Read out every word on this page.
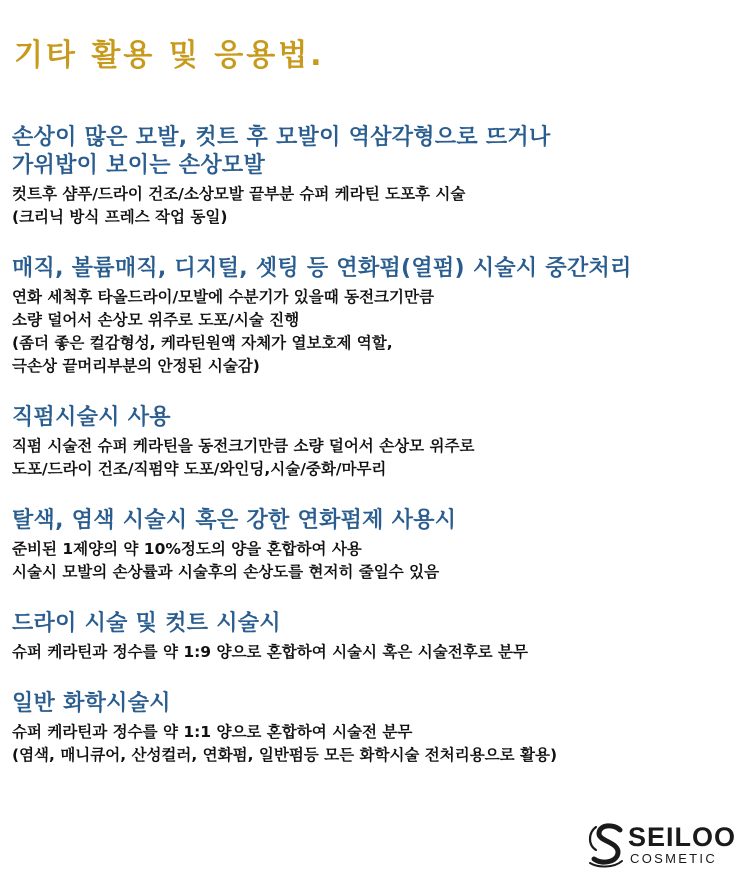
기타 활용 및 응용법.
손상이 많은 모발, 컷트 후 모발이 역삼각형으로 뜨거나
가위밥이 보이는 손상모발
컷트후 샴푸/드라이 건조/소상모발 끝부분 슈퍼 케라틴 도포후 시술
(크리닉 방식 프레스 작업 동일)
매직, 볼륨매직, 디지털, 셋팅 등 연화펌(열펌) 시술시 중간처리
연화 세척후 타올드라이/모발에 수분기가 있을때 동전크기만큼
소량 덜어서 손상모 위주로 도포/시술 진행
(좀더 좋은 컬감형성, 케라틴원액 자체가 열보호제 역할,
극손상 끝머리부분의 안정된 시술감)
직펌시술시 사용
직펌 시술전 슈퍼 케라틴을 동전크기만큼 소량 덜어서 손상모 위주로
도포/드라이 건조/직펌약 도포/와인딩,시술/중화/마무리
탈색, 염색 시술시 혹은 강한 연화펌제 사용시
준비된 1제양의 약 10%정도의 양을 혼합하여 사용
시술시 모발의 손상률과 시술후의 손상도를 현저히 줄일수 있음
드라이 시술 및 컷트 시술시
슈퍼 케라틴과 정수를 약 1:9 양으로 혼합하여 시술시 혹은 시술전후로 분무
일반 화학시술시
슈퍼 케라틴과 정수를 약 1:1 양으로 혼합하여 시술전 분무
(염색, 매니큐어, 산성컬러, 연화펌, 일반펌등 모든 화학시술 전처리용으로 활용)
SEILOO
COSMETIC
